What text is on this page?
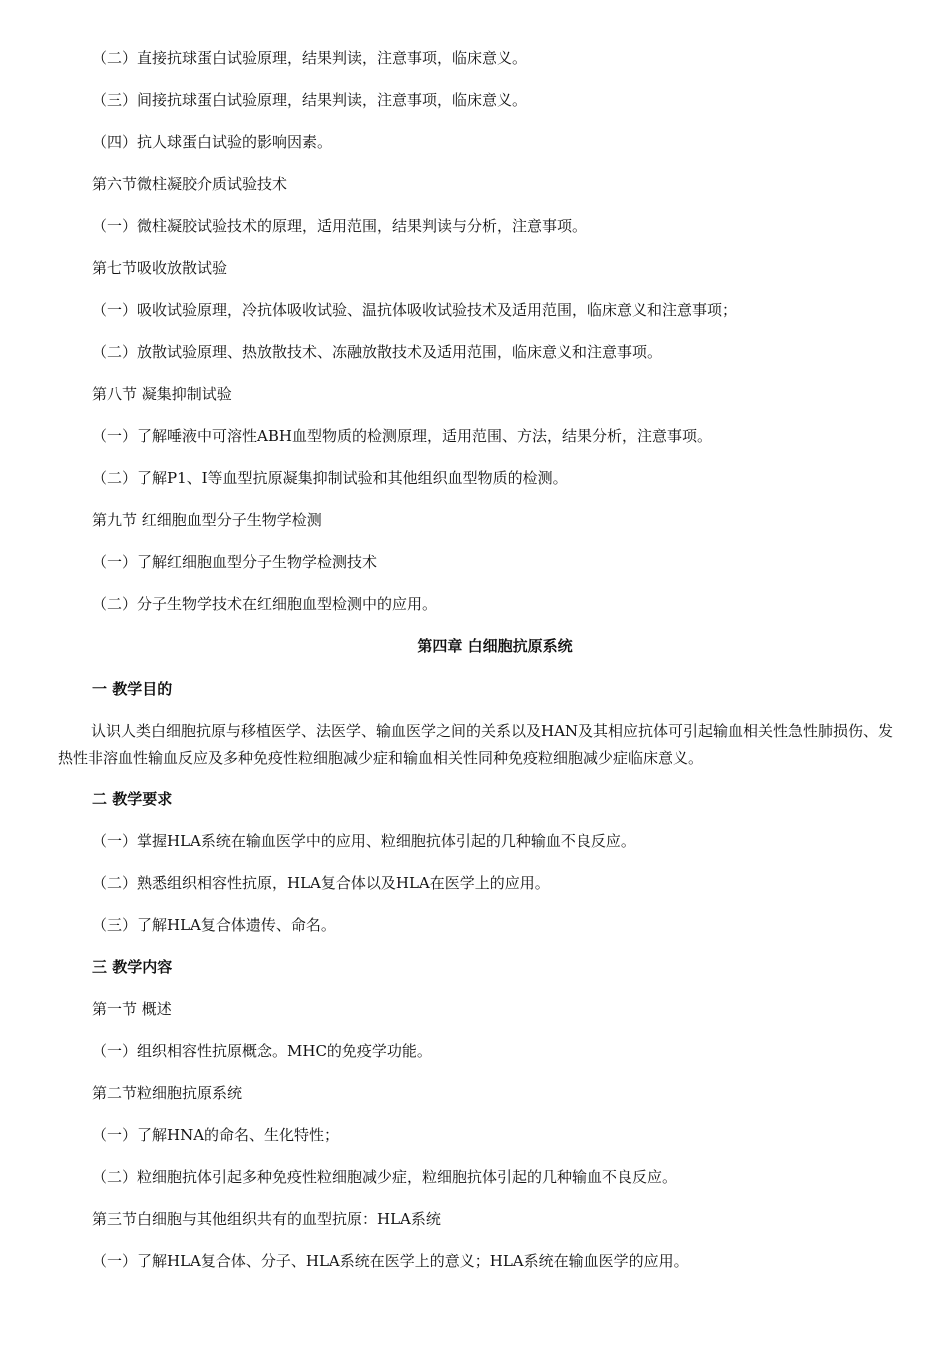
（二）直接抗球蛋白试验原理，结果判读，注意事项，临床意义。
（三）间接抗球蛋白试验原理，结果判读，注意事项，临床意义。
（四）抗人球蛋白试验的影响因素。
第六节微柱凝胶介质试验技术
（一）微柱凝胶试验技术的原理，适用范围，结果判读与分析，注意事项。
第七节吸收放散试验
（一）吸收试验原理，冷抗体吸收试验、温抗体吸收试验技术及适用范围，临床意义和注意事项；
（二）放散试验原理、热放散技术、冻融放散技术及适用范围，临床意义和注意事项。
第八节 凝集抑制试验
（一）了解唾液中可溶性ABH血型物质的检测原理，适用范围、方法，结果分析，注意事项。
（二）了解P1、I等血型抗原凝集抑制试验和其他组织血型物质的检测。
第九节 红细胞血型分子生物学检测
（一）了解红细胞血型分子生物学检测技术
（二）分子生物学技术在红细胞血型检测中的应用。
第四章 白细胞抗原系统
一 教学目的
认识人类白细胞抗原与移植医学、法医学、输血医学之间的关系以及HAN及其相应抗体可引起输血相关性急性肺损伤、发热性非溶血性输血反应及多种免疫性粒细胞减少症和输血相关性同种免疫粒细胞减少症临床意义。
二 教学要求
（一）掌握HLA系统在输血医学中的应用、粒细胞抗体引起的几种输血不良反应。
（二）熟悉组织相容性抗原，HLA复合体以及HLA在医学上的应用。
（三）了解HLA复合体遗传、命名。
三 教学内容
第一节 概述
（一）组织相容性抗原概念。MHC的免疫学功能。
第二节粒细胞抗原系统
（一）了解HNA的命名、生化特性；
（二）粒细胞抗体引起多种免疫性粒细胞减少症，粒细胞抗体引起的几种输血不良反应。
第三节白细胞与其他组织共有的血型抗原：HLA系统
（一）了解HLA复合体、分子、HLA系统在医学上的意义；HLA系统在输血医学的应用。
